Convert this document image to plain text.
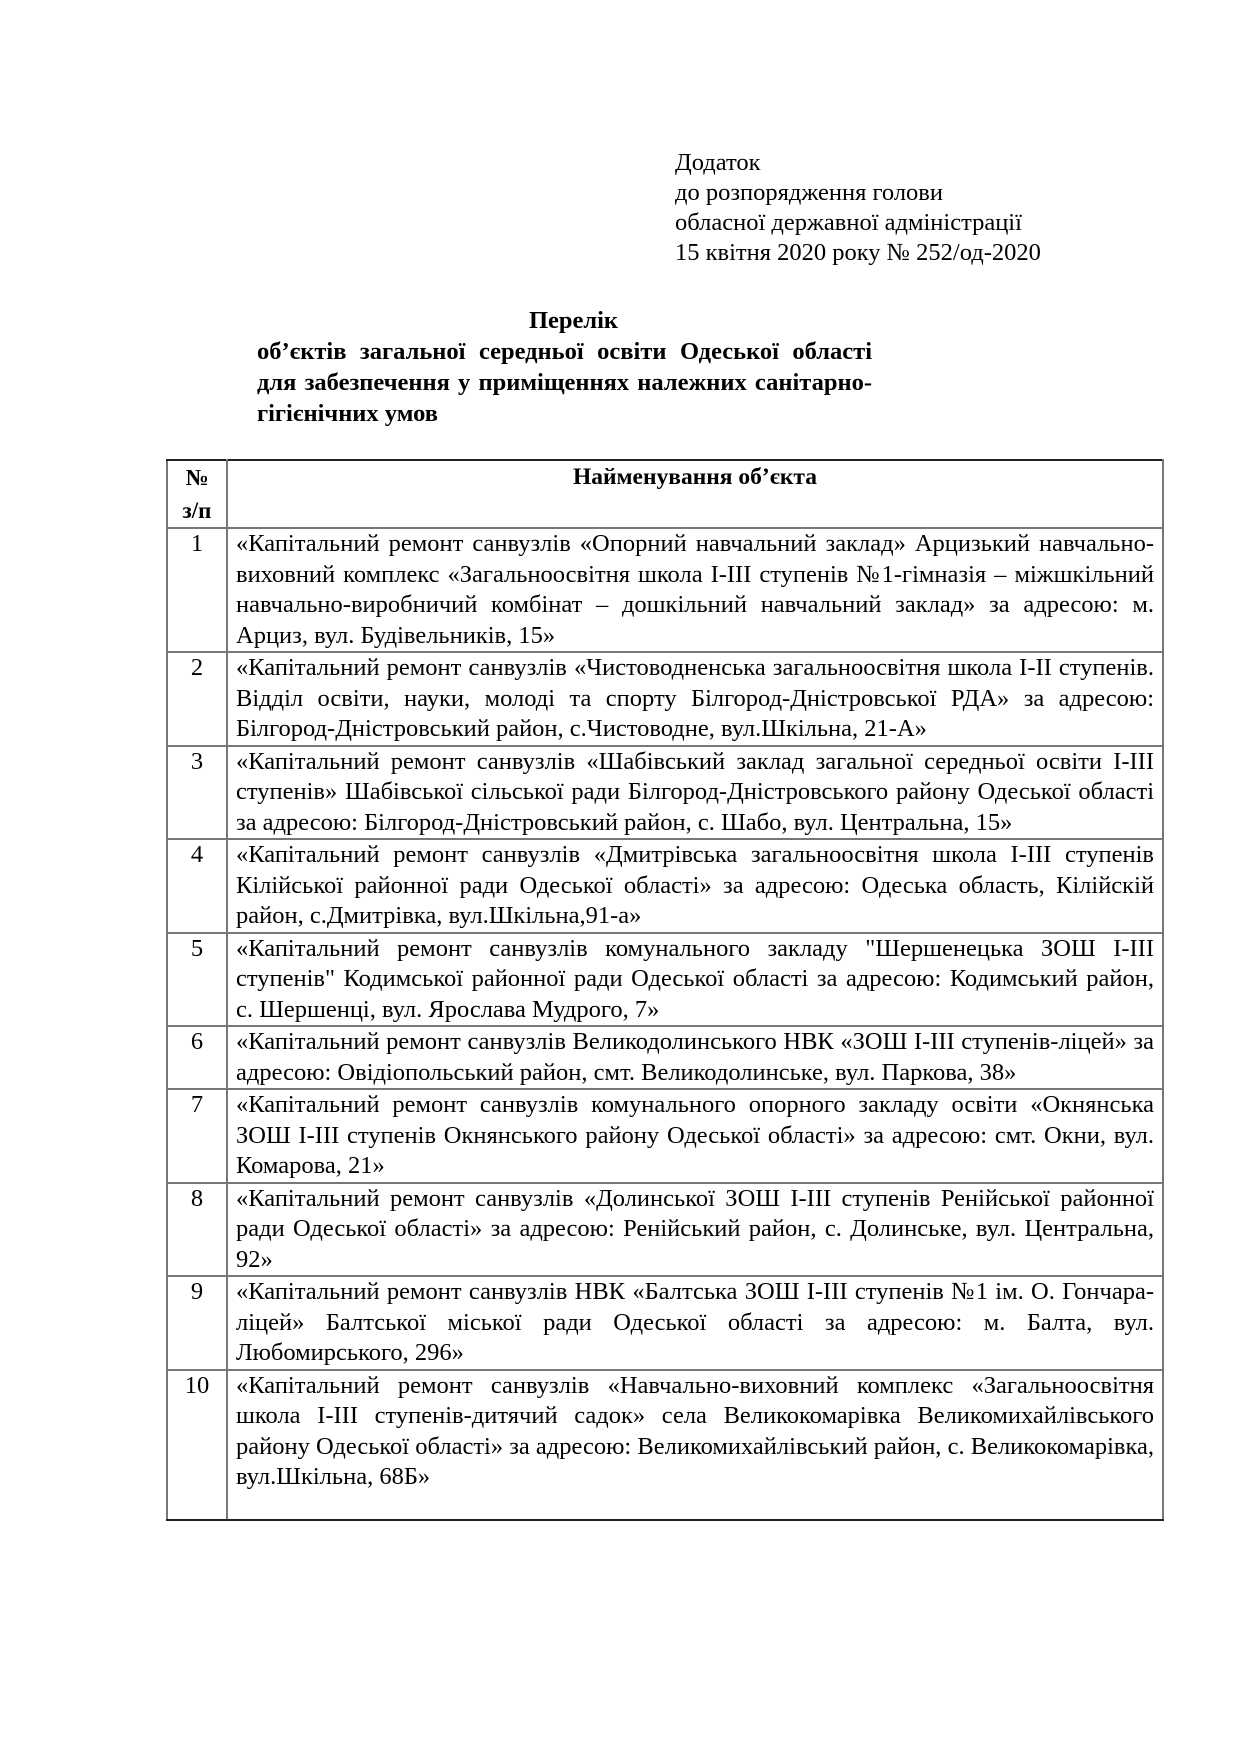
Додаток
до розпорядження голови
обласної державної адміністрації
15 квітня 2020 року № 252/од-2020
Перелік
об’єктів загальної середньої освіти Одеської області для забезпечення у приміщеннях належних санітарно-гігієнічних умов
№ з/п	Найменування об’єкта
1	«Капітальний ремонт санвузлів «Опорний навчальний заклад» Арцизький навчально-виховний комплекс «Загальноосвітня школа І-ІІІ ступенів №1-гімназія – міжшкільний навчально-виробничий комбінат – дошкільний навчальний заклад» за адресою: м. Арциз, вул. Будівельників, 15»
2	«Капітальний ремонт санвузлів «Чистоводненська загальноосвітня школа І-ІІ ступенів. Відділ освіти, науки, молоді та спорту Білгород-Дністровської РДА» за адресою: Білгород-Дністровський район, с.Чистоводне, вул.Шкільна, 21-А»
3	«Капітальний ремонт санвузлів «Шабівський заклад загальної середньої освіти І-ІІІ ступенів» Шабівської сільської ради Білгород-Дністровського району Одеської області за адресою: Білгород-Дністровський район, с. Шабо, вул. Центральна, 15»
4	«Капітальний ремонт санвузлів «Дмитрівська загальноосвітня школа І-ІІІ ступенів Кілійської районної ради Одеської області» за адресою: Одеська область, Кілійскій район, с.Дмитрівка, вул.Шкільна,91-а»
5	«Капітальний ремонт санвузлів комунального закладу "Шершенецька ЗОШ І-ІІІ ступенів" Кодимської районної ради Одеської області за адресою: Кодимський район, с. Шершенці, вул. Ярослава Мудрого, 7»
6	«Капітальний ремонт санвузлів Великодолинського НВК «ЗОШ І-ІІІ ступенів-ліцей» за адресою: Овідіопольський район, смт. Великодолинське, вул. Паркова, 38»
7	«Капітальний ремонт санвузлів комунального опорного закладу освіти «Окнянська ЗОШ І-ІІІ ступенів Окнянського району Одеської області» за адресою: смт. Окни, вул. Комарова, 21»
8	«Капітальний ремонт санвузлів «Долинської ЗОШ І-ІІІ ступенів Ренійської районної ради Одеської області» за адресою: Ренійський район, с. Долинське, вул. Центральна, 92»
9	«Капітальний ремонт санвузлів НВК «Балтська ЗОШ І-ІІІ ступенів №1 ім. О. Гончара-ліцей» Балтської міської ради Одеської області за адресою: м. Балта, вул. Любомирського, 296»
10	«Капітальний ремонт санвузлів «Навчально-виховний комплекс «Загальноосвітня школа І-ІІІ ступенів-дитячий садок» села Великокомарівка Великомихайлівського району Одеської області» за адресою: Великомихайлівський район, с. Великокомарівка, вул.Шкільна, 68Б»
